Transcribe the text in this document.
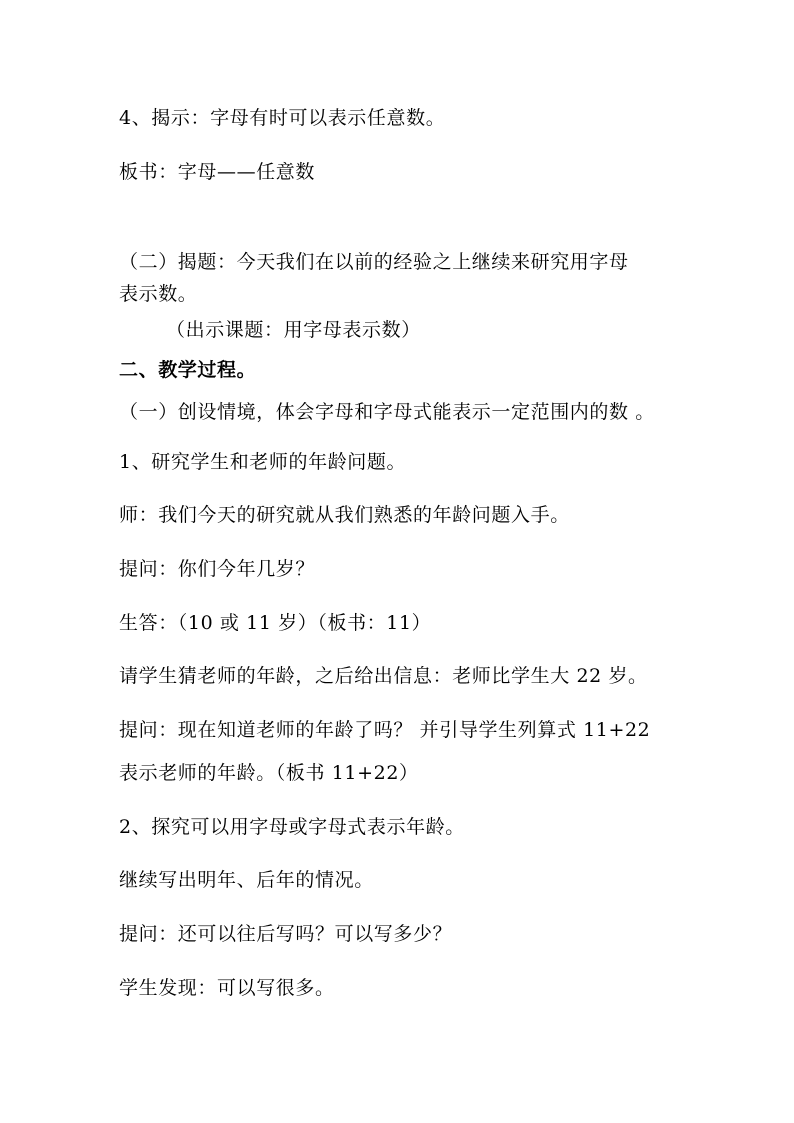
4、揭示：字母有时可以表示任意数。
板书：字母——任意数
（二）揭题：今天我们在以前的经验之上继续来研究用字母
表示数。
（出示课题：用字母表示数）
二、教学过程。
（一）创设情境，体会字母和字母式能表示一定范围内的数 。
1、研究学生和老师的年龄问题。
师：我们今天的研究就从我们熟悉的年龄问题入手。
提问：你们今年几岁？
生答：（10 或 11 岁）（板书：11）
请学生猜老师的年龄，之后给出信息：老师比学生大 22 岁。
提问：现在知道老师的年龄了吗？ 并引导学生列算式 11+22
表示老师的年龄。（板书 11+22）
2、探究可以用字母或字母式表示年龄。
继续写出明年、后年的情况。
提问：还可以往后写吗？可以写多少？
学生发现：可以写很多。
